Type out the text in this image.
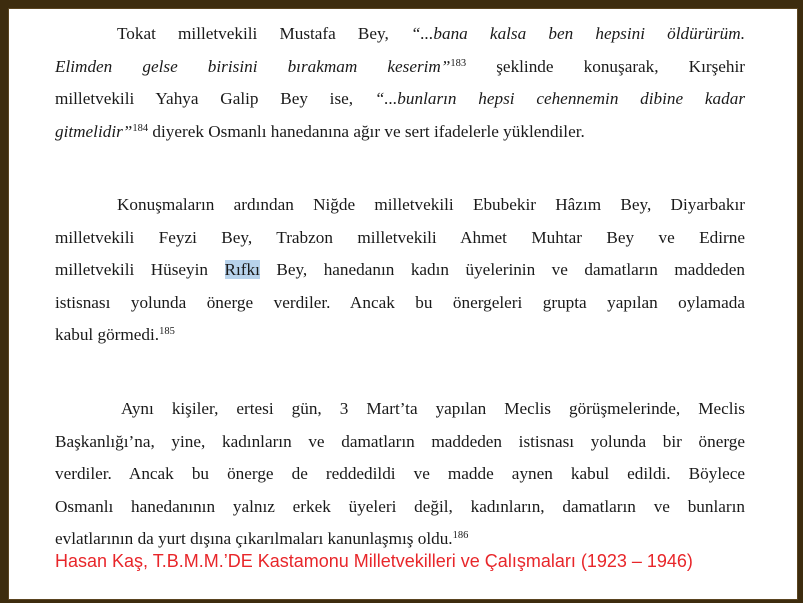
Tokat milletvekili Mustafa Bey, “...bana kalsa ben hepsini öldürürüm.
Elimden gelse birisini bırakmam keserim”$^{183}$ şeklinde konuşarak, Kırşehir
milletvekili Yahya Galip Bey ise, “...bunların hepsi cehennemin dibine kadar
gitmelidir”$^{184}$ diyerek Osmanlı hanedanına ağır ve sert ifadelerle yüklendiler.
Konuşmaların ardından Niğde milletvekili Ebubekir Hâzım Bey, Diyarbakır
milletvekili Feyzi Bey, Trabzon milletvekili Ahmet Muhtar Bey ve Edirne
milletvekili Hüseyin Rıfkı Bey, hanedanın kadın üyelerinin ve damatların maddeden
istisnası yolunda önerge verdiler. Ancak bu önergeleri grupta yapılan oylamada
kabul görmedi.$^{185}$
Aynı kişiler, ertesi gün, 3 Mart’ta yapılan Meclis görüşmelerinde, Meclis
Başkanlığı’na, yine, kadınların ve damatların maddeden istisnası yolunda bir önerge
verdiler. Ancak bu önerge de reddedildi ve madde aynen kabul edildi. Böylece
Osmanlı hanedanının yalnız erkek üyeleri değil, kadınların, damatların ve bunların
evlatlarının da yurt dışına çıkarılmaları kanunlaşmış oldu.$^{186}$
Hasan Kaş, T.B.M.M.’DE Kastamonu Milletvekilleri ve Çalışmaları (1923 – 1946)
